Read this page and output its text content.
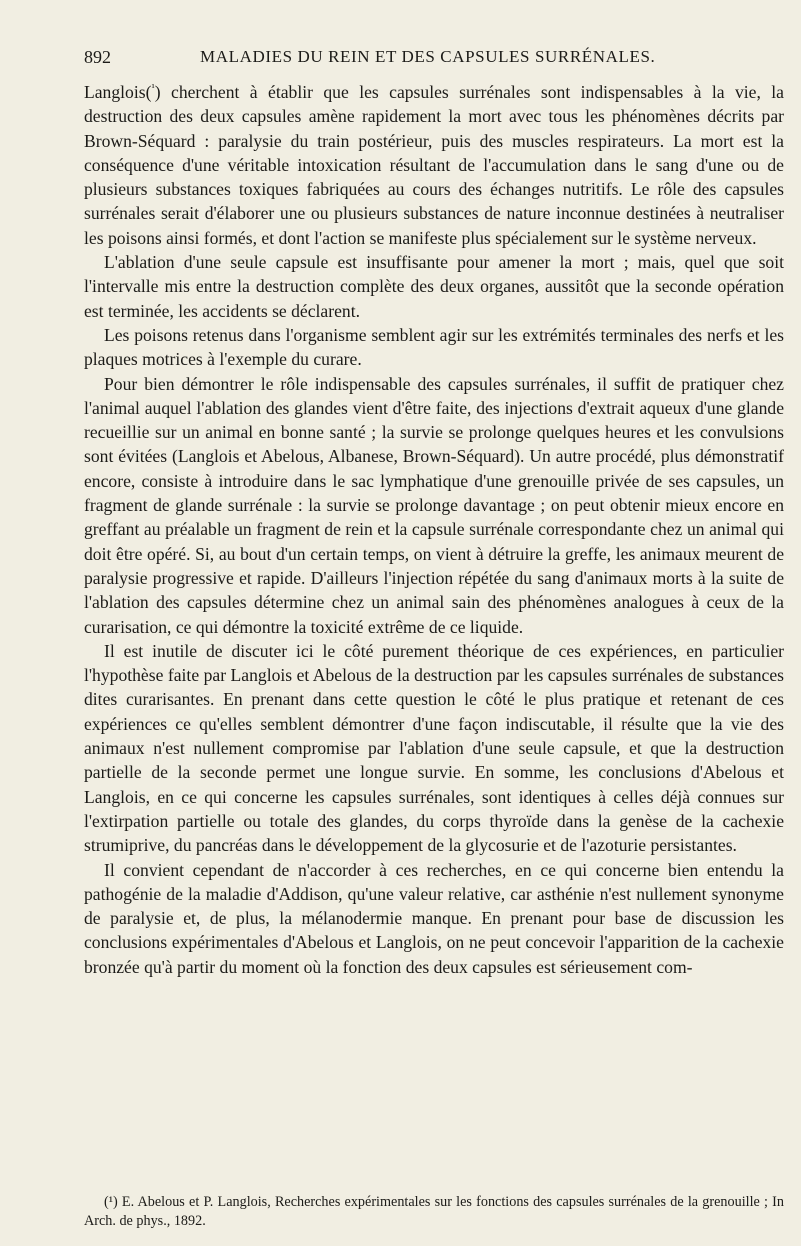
892	MALADIES DU REIN ET DES CAPSULES SURRÉNALES.

Langlois($^{^1}$) cherchent à établir que les capsules surrénales sont indispensables à la vie, la destruction des deux capsules amène rapidement la mort avec tous les phénomènes décrits par Brown-Séquard : paralysie du train postérieur, puis des muscles respirateurs. La mort est la conséquence d'une véritable intoxication résultant de l'accumulation dans le sang d'une ou de plusieurs substances toxiques fabriquées au cours des échanges nutritifs. Le rôle des capsules surrénales serait d'élaborer une ou plusieurs substances de nature inconnue destinées à neutraliser les poisons ainsi formés, et dont l'action se manifeste plus spécialement sur le système nerveux.

L'ablation d'une seule capsule est insuffisante pour amener la mort ; mais, quel que soit l'intervalle mis entre la destruction complète des deux organes, aussitôt que la seconde opération est terminée, les accidents se déclarent.

Les poisons retenus dans l'organisme semblent agir sur les extrémités terminales des nerfs et les plaques motrices à l'exemple du curare.

Pour bien démontrer le rôle indispensable des capsules surrénales, il suffit de pratiquer chez l'animal auquel l'ablation des glandes vient d'être faite, des injections d'extrait aqueux d'une glande recueillie sur un animal en bonne santé ; la survie se prolonge quelques heures et les convulsions sont évitées (Langlois et Abelous, Albanese, Brown-Séquard). Un autre procédé, plus démonstratif encore, consiste à introduire dans le sac lymphatique d'une grenouille privée de ses capsules, un fragment de glande surrénale : la survie se prolonge davantage ; on peut obtenir mieux encore en greffant au préalable un fragment de rein et la capsule surrénale correspondante chez un animal qui doit être opéré. Si, au bout d'un certain temps, on vient à détruire la greffe, les animaux meurent de paralysie progressive et rapide. D'ailleurs l'injection répétée du sang d'animaux morts à la suite de l'ablation des capsules détermine chez un animal sain des phénomènes analogues à ceux de la curarisation, ce qui démontre la toxicité extrême de ce liquide.

Il est inutile de discuter ici le côté purement théorique de ces expériences, en particulier l'hypothèse faite par Langlois et Abelous de la destruction par les capsules surrénales de substances dites curarisantes. En prenant dans cette question le côté le plus pratique et retenant de ces expériences ce qu'elles semblent démontrer d'une façon indiscutable, il résulte que la vie des animaux n'est nullement compromise par l'ablation d'une seule capsule, et que la destruction partielle de la seconde permet une longue survie. En somme, les conclusions d'Abelous et Langlois, en ce qui concerne les capsules surrénales, sont identiques à celles déjà connues sur l'extirpation partielle ou totale des glandes, du corps thyroïde dans la genèse de la cachexie strumiprive, du pancréas dans le développement de la glycosurie et de l'azoturie persistantes.

Il convient cependant de n'accorder à ces recherches, en ce qui concerne bien entendu la pathogénie de la maladie d'Addison, qu'une valeur relative, car asthénie n'est nullement synonyme de paralysie et, de plus, la mélanodermie manque. En prenant pour base de discussion les conclusions expérimentales d'Abelous et Langlois, on ne peut concevoir l'apparition de la cachexie bronzée qu'à partir du moment où la fonction des deux capsules est sérieusement com-

(¹) E. Abelous et P. Langlois, Recherches expérimentales sur les fonctions des capsules surrénales de la grenouille ; In Arch. de phys., 1892.
